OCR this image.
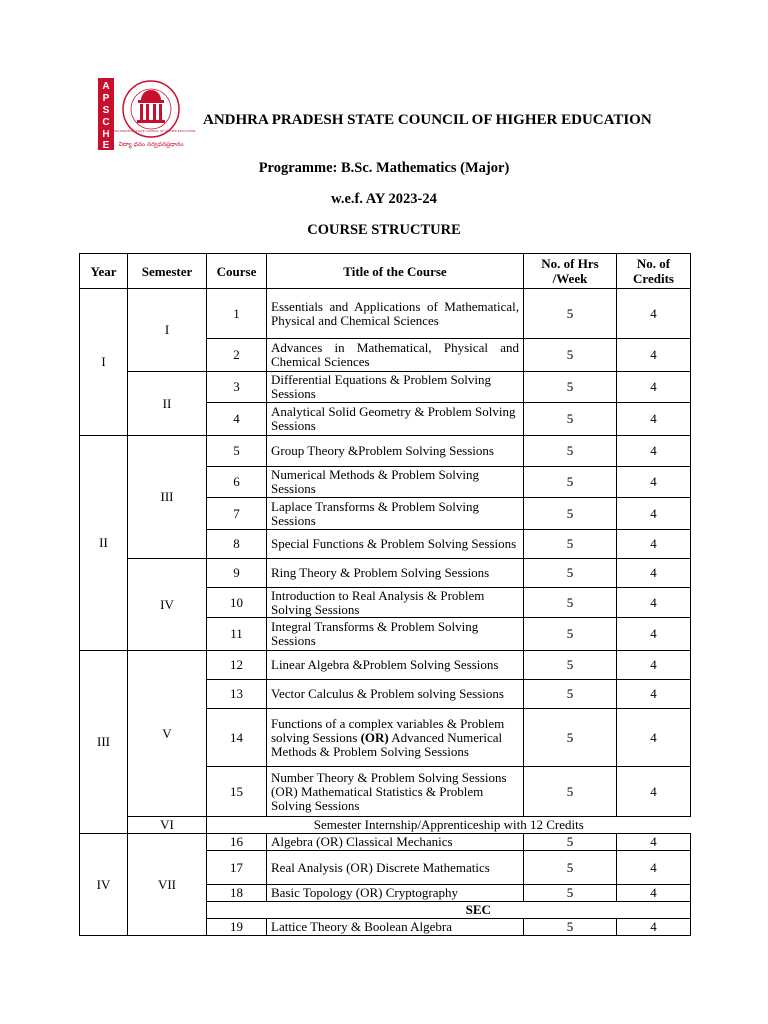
A
P
S
C
H
E విద్యా ధనం సర్వధనప్రధానం
ANDHRA PRADESH STATE COUNCIL OF HIGHER EDUCATION
ANDHRA PRADESH STATE COUNCIL OF HIGHER EDUCATION
Programme: B.Sc. Mathematics (Major)
w.e.f. AY 2023-24
COURSE STRUCTURE
Year	Semester	Course	Title of the Course	No. of Hrs /Week	No. of Credits
I	I	1	Essentials and Applications of Mathematical, Physical and Chemical Sciences	5	4
		2	Advances in Mathematical, Physical and Chemical Sciences	5	4
	II	3	Differential Equations & Problem Solving Sessions	5	4
		4	Analytical Solid Geometry & Problem Solving Sessions	5	4
II	III	5	Group Theory &Problem Solving Sessions	5	4
		6	Numerical Methods & Problem Solving Sessions	5	4
		7	Laplace Transforms & Problem Solving Sessions	5	4
		8	Special Functions & Problem Solving Sessions	5	4
	IV	9	Ring Theory & Problem Solving Sessions	5	4
		10	Introduction to Real Analysis & Problem Solving Sessions	5	4
		11	Integral Transforms & Problem Solving Sessions	5	4
III	V	12	Linear Algebra &Problem Solving Sessions	5	4
		13	Vector Calculus & Problem solving Sessions	5	4
		14	Functions of a complex variables & Problem solving Sessions (OR) Advanced Numerical Methods & Problem Solving Sessions	5	4
		15	Number Theory & Problem Solving Sessions (OR) Mathematical Statistics & Problem Solving Sessions	5	4
	VI	Semester Internship/Apprenticeship with 12 Credits			
IV	VII	16	Algebra (OR) Classical Mechanics	5	4
		17	Real Analysis (OR) Discrete Mathematics	5	4
		18	Basic Topology (OR) Cryptography	5	4
			SEC		
		19	Lattice Theory & Boolean Algebra	5	4
